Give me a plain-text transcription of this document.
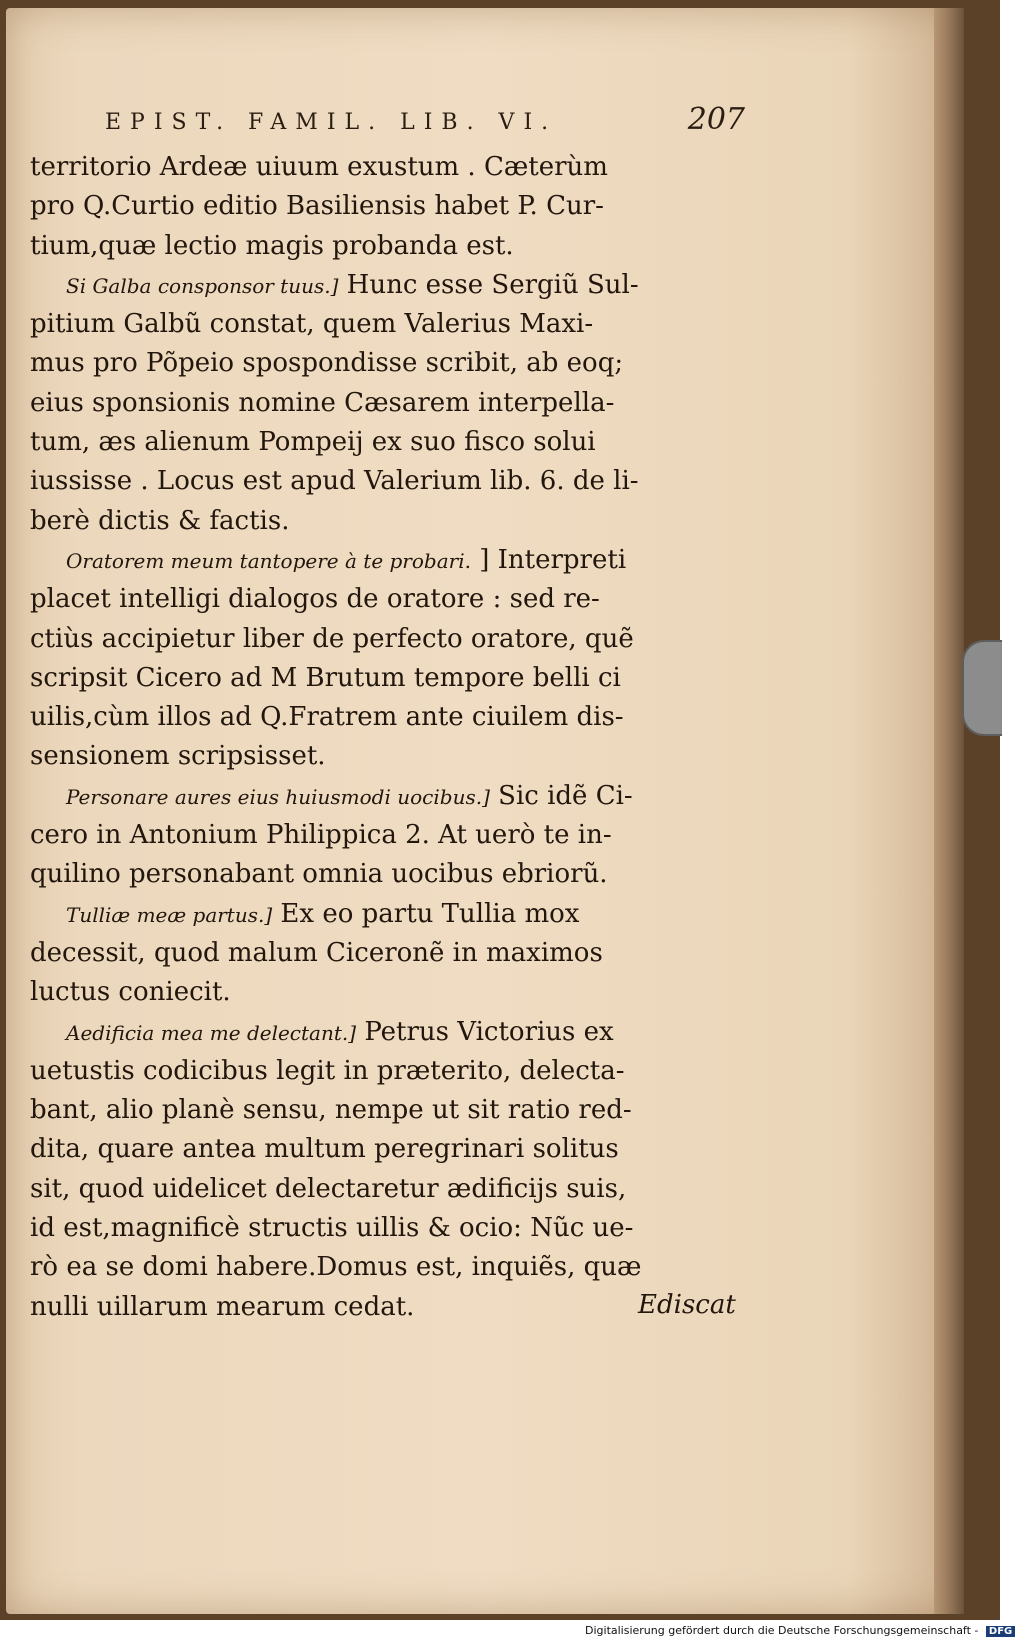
EPIST. FAMIL. LIB. VI.	207
territorio Ardeæ uiuum exustum . Cæterùm
pro Q.Curtio editio Basiliensis habet P. Cur-
tium,quæ lectio magis probanda est.
Si Galba consponsor tuus.] Hunc esse Sergiũ Sul-
pitium Galbũ constat, quem Valerius Maxi-
mus pro Põpeio spospondisse scribit, ab eoq;
eius sponsionis nomine Cæsarem interpella-
tum, æs alienum Pompeij ex suo fisco solui
iussisse . Locus est apud Valerium lib. 6. de li-
berè dictis & factis.
Oratorem meum tantopere à te probari. ] Interpreti
placet intelligi dialogos de oratore : sed re-
ctiùs accipietur liber de perfecto oratore, quẽ
scripsit Cicero ad M Brutum tempore belli ci
uilis,cùm illos ad Q.Fratrem ante ciuilem dis-
sensionem scripsisset.
Personare aures eius huiusmodi uocibus.] Sic idẽ Ci-
cero in Antonium Philippica 2. At uerò te in-
quilino personabant omnia uocibus ebriorũ.
Tulliæ meæ partus.] Ex eo partu Tullia mox
decessit, quod malum Ciceronẽ in maximos
luctus coniecit.
Aedificia mea me delectant.] Petrus Victorius ex
uetustis codicibus legit in præterito, delecta-
bant, alio planè sensu, nempe ut sit ratio red-
dita, quare antea multum peregrinari solitus
sit, quod uidelicet delectaretur ædificijs suis,
id est,magnificè structis uillis & ocio: Nũc ue-
rò ea se domi habere.Domus est, inquiẽs, quæ
nulli uillarum mearum cedat.	Ediscat
Digitalisierung gefördert durch die Deutsche Forschungsgemeinschaft - DFG
